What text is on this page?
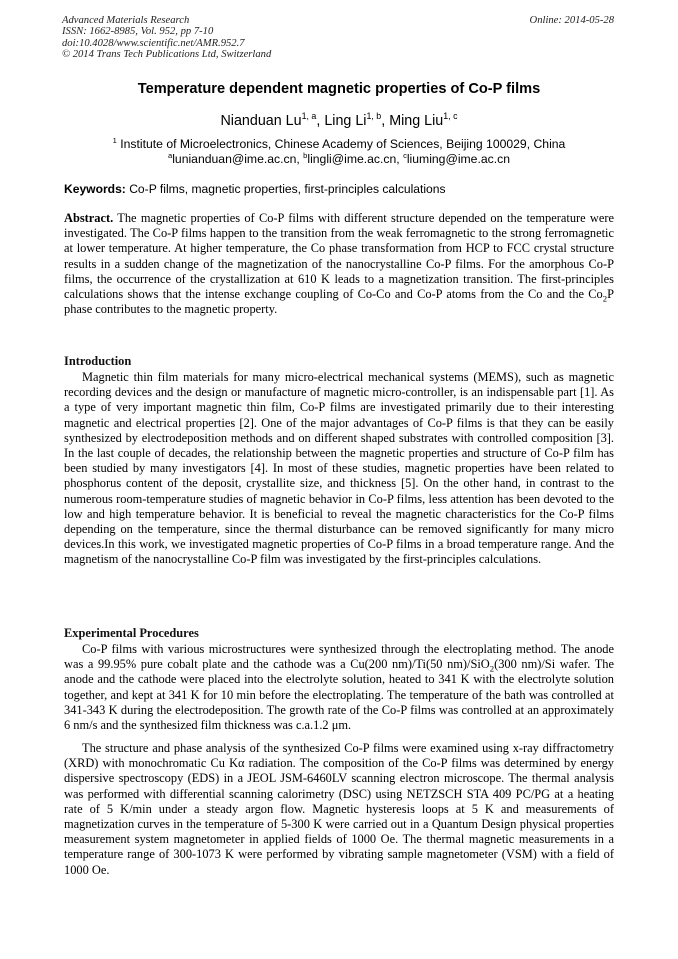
Advanced Materials Research
ISSN: 1662-8985, Vol. 952, pp 7-10
doi:10.4028/www.scientific.net/AMR.952.7
© 2014 Trans Tech Publications Ltd, Switzerland
Online: 2014-05-28
Temperature dependent magnetic properties of Co-P films
Nianduan Lu$^{1, a}$, Ling Li$^{1, b}$, Ming Liu$^{1, c}$
$^1$ Institute of Microelectronics, Chinese Academy of Sciences, Beijing 100029, China
$^a$lunianduan@ime.ac.cn, $^b$lingli@ime.ac.cn, $^c$liuming@ime.ac.cn
Keywords: Co-P films, magnetic properties, first-principles calculations

Abstract. The magnetic properties of Co-P films with different structure depended on the temperature were investigated. The Co-P films happen to the transition from the weak ferromagnetic to the strong ferromagnetic at lower temperature. At higher temperature, the Co phase transformation from HCP to FCC crystal structure results in a sudden change of the magnetization of the nanocrystalline Co-P films. For the amorphous Co-P films, the occurrence of the crystallization at 610 K leads to a magnetization transition. The first-principles calculations shows that the intense exchange coupling of Co-Co and Co-P atoms from the Co and the $Co_2P$ phase contributes to the magnetic property.

Introduction

Magnetic thin film materials for many micro-electrical mechanical systems (MEMS), such as magnetic recording devices and the design or manufacture of magnetic micro-controller, is an indispensable part [1]. As a type of very important magnetic thin film, Co-P films are investigated primarily due to their interesting magnetic and electrical properties [2]. One of the major advantages of Co-P films is that they can be easily synthesized by electrodeposition methods and on different shaped substrates with controlled composition [3]. In the last couple of decades, the relationship between the magnetic properties and structure of Co-P film has been studied by many investigators [4]. In most of these studies, magnetic properties have been related to phosphorus content of the deposit, crystallite size, and thickness [5]. On the other hand, in contrast to the numerous room-temperature studies of magnetic behavior in Co-P films, less attention has been devoted to the low and high temperature behavior. It is beneficial to reveal the magnetic characteristics for the Co-P films depending on the temperature, since the thermal disturbance can be removed significantly for many micro devices.In this work, we investigated magnetic properties of Co-P films in a broad temperature range. And the magnetism of the nanocrystalline Co-P film was investigated by the first-principles calculations.

Experimental Procedures

Co-P films with various microstructures were synthesized through the electroplating method. The anode was a 99.95% pure cobalt plate and the cathode was a Cu(200 nm)/Ti(50 nm)/SiO$_2$(300 nm)/Si wafer. The anode and the cathode were placed into the electrolyte solution, heated to 341 K with the electrolyte solution together, and kept at 341 K for 10 min before the electroplating. The temperature of the bath was controlled at 341-343 K during the electrodeposition. The growth rate of the Co-P films was controlled at an approximately 6 nm/s and the synthesized film thickness was c.a.1.2 μm.

The structure and phase analysis of the synthesized Co-P films were examined using x-ray diffractometry (XRD) with monochromatic Cu Kα radiation. The composition of the Co-P films was determined by energy dispersive spectroscopy (EDS) in a JEOL JSM-6460LV scanning electron microscope. The thermal analysis was performed with differential scanning calorimetry (DSC) using NETZSCH STA 409 PC/PG at a heating rate of 5 K/min under a steady argon flow. Magnetic hysteresis loops at 5 K and measurements of magnetization curves in the temperature of 5-300 K were carried out in a Quantum Design physical properties measurement system magnetometer in applied fields of 1000 Oe. The thermal magnetic measurements in a temperature range of 300-1073 K were performed by vibrating sample magnetometer (VSM) with a field of 1000 Oe.
